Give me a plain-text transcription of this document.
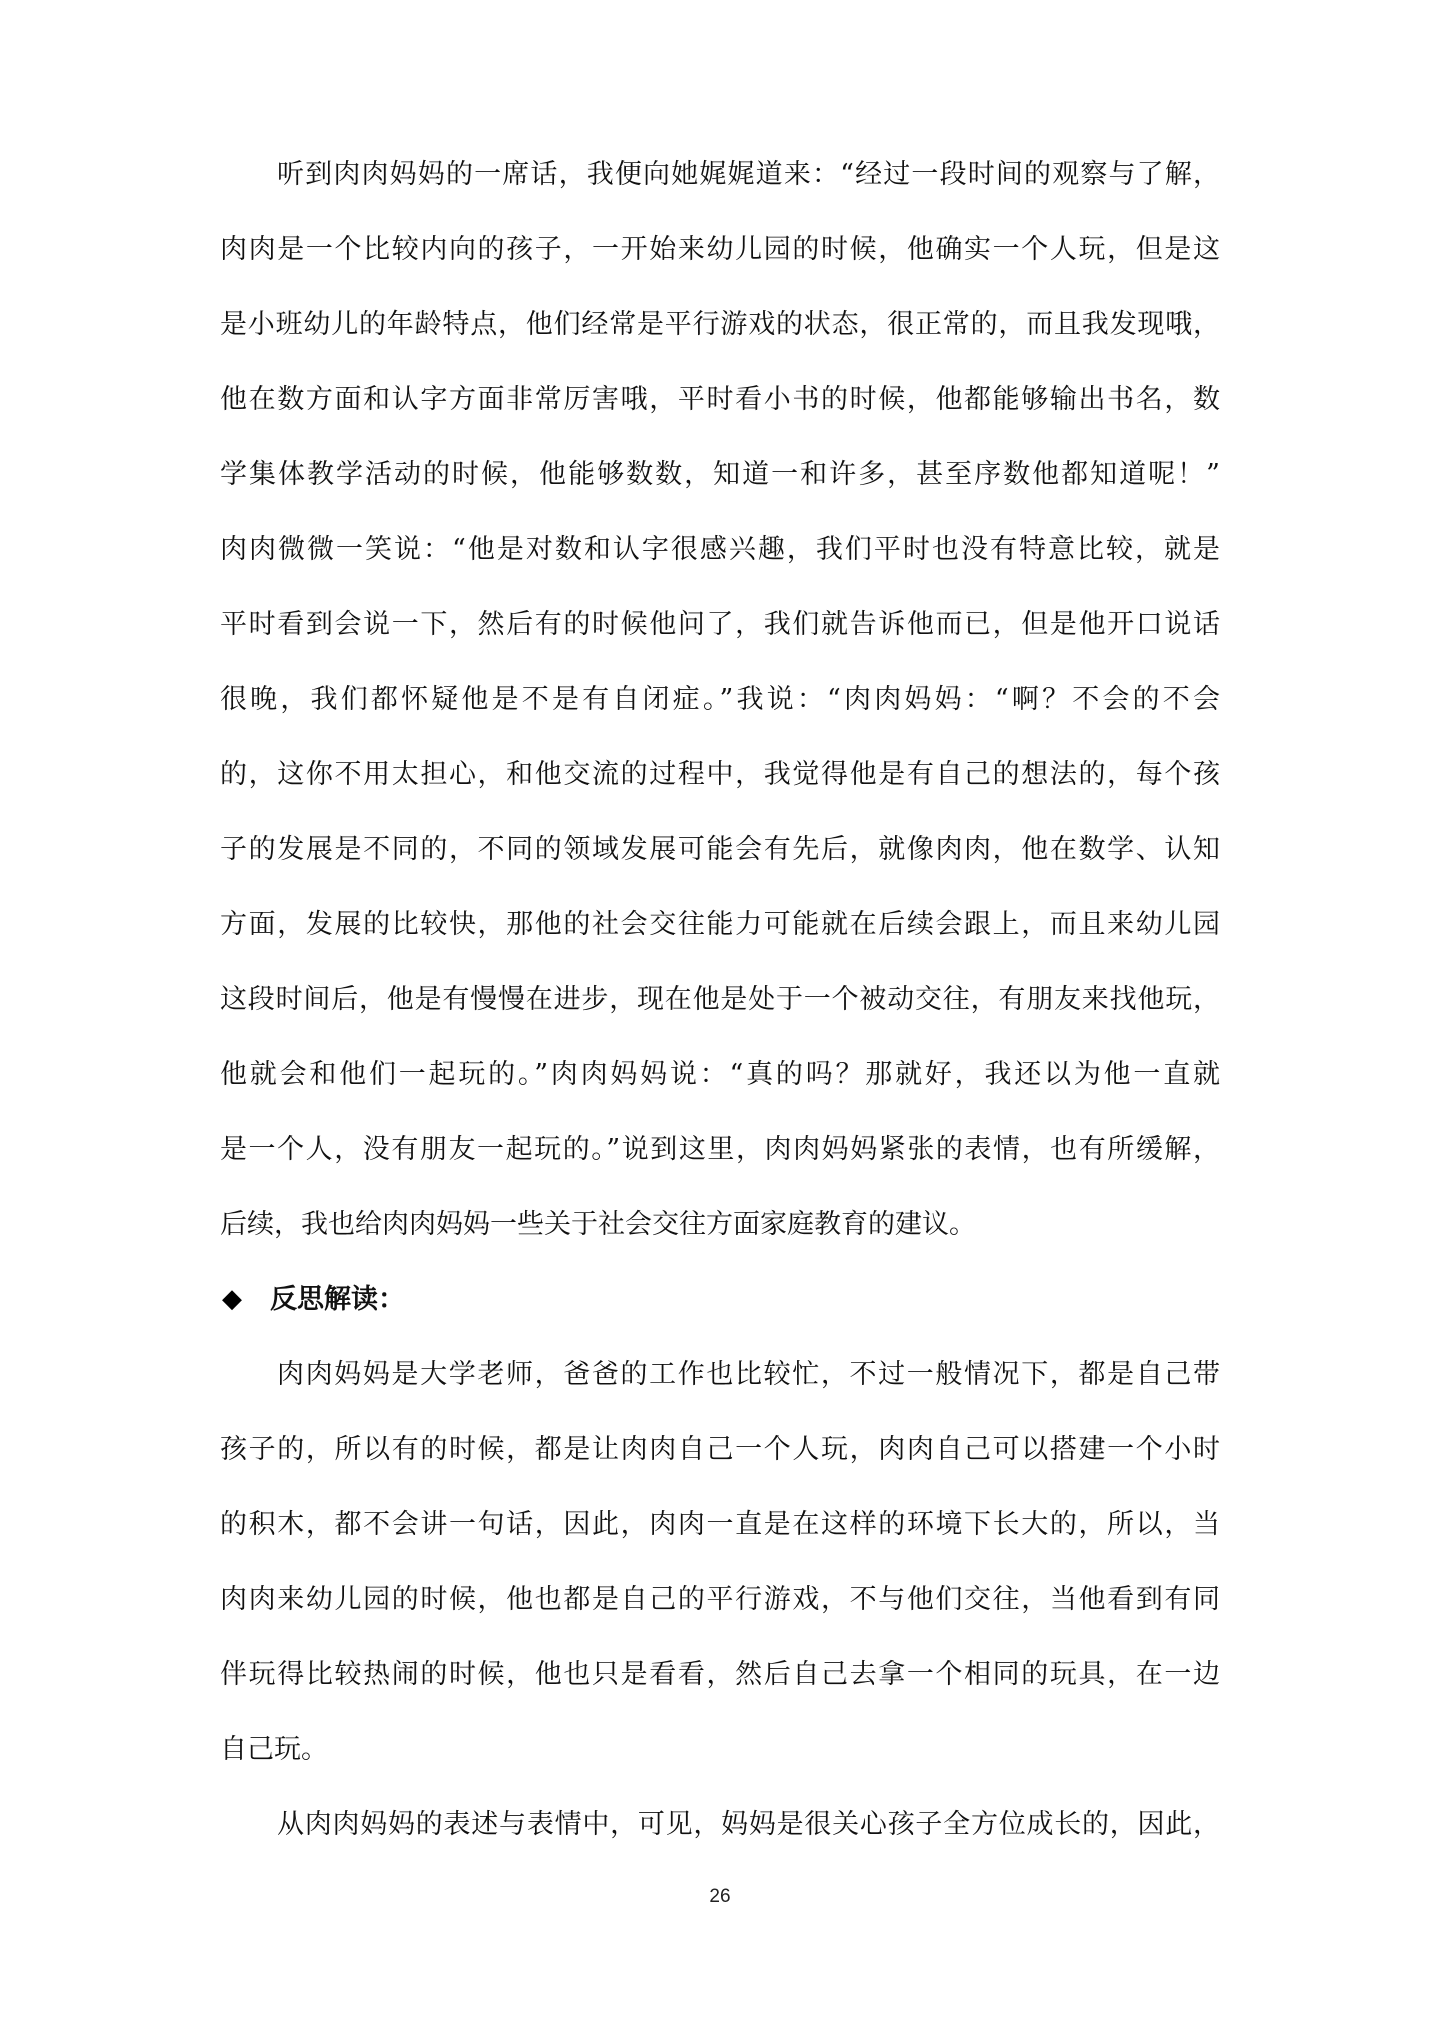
听到肉肉妈妈的一席话，我便向她娓娓道来：“经过一段时间的观察与了解，
肉肉是一个比较内向的孩子，一开始来幼儿园的时候，他确实一个人玩，但是这
是小班幼儿的年龄特点，他们经常是平行游戏的状态，很正常的，而且我发现哦，
他在数方面和认字方面非常厉害哦，平时看小书的时候，他都能够输出书名，数
学集体教学活动的时候，他能够数数，知道一和许多，甚至序数他都知道呢！”
肉肉微微一笑说：“他是对数和认字很感兴趣，我们平时也没有特意比较，就是
平时看到会说一下，然后有的时候他问了，我们就告诉他而已，但是他开口说话
很晚，我们都怀疑他是不是有自闭症。”我说：“肉肉妈妈：“啊？不会的不会
的，这你不用太担心，和他交流的过程中，我觉得他是有自己的想法的，每个孩
子的发展是不同的，不同的领域发展可能会有先后，就像肉肉，他在数学、认知
方面，发展的比较快，那他的社会交往能力可能就在后续会跟上，而且来幼儿园
这段时间后，他是有慢慢在进步，现在他是处于一个被动交往，有朋友来找他玩，
他就会和他们一起玩的。”肉肉妈妈说：“真的吗？那就好，我还以为他一直就
是一个人，没有朋友一起玩的。”说到这里，肉肉妈妈紧张的表情，也有所缓解，
后续，我也给肉肉妈妈一些关于社会交往方面家庭教育的建议。
◆ 反思解读：
肉肉妈妈是大学老师，爸爸的工作也比较忙，不过一般情况下，都是自己带
孩子的，所以有的时候，都是让肉肉自己一个人玩，肉肉自己可以搭建一个小时
的积木，都不会讲一句话，因此，肉肉一直是在这样的环境下长大的，所以，当
肉肉来幼儿园的时候，他也都是自己的平行游戏，不与他们交往，当他看到有同
伴玩得比较热闹的时候，他也只是看看，然后自己去拿一个相同的玩具，在一边
自己玩。
从肉肉妈妈的表述与表情中，可见，妈妈是很关心孩子全方位成长的，因此，
26
